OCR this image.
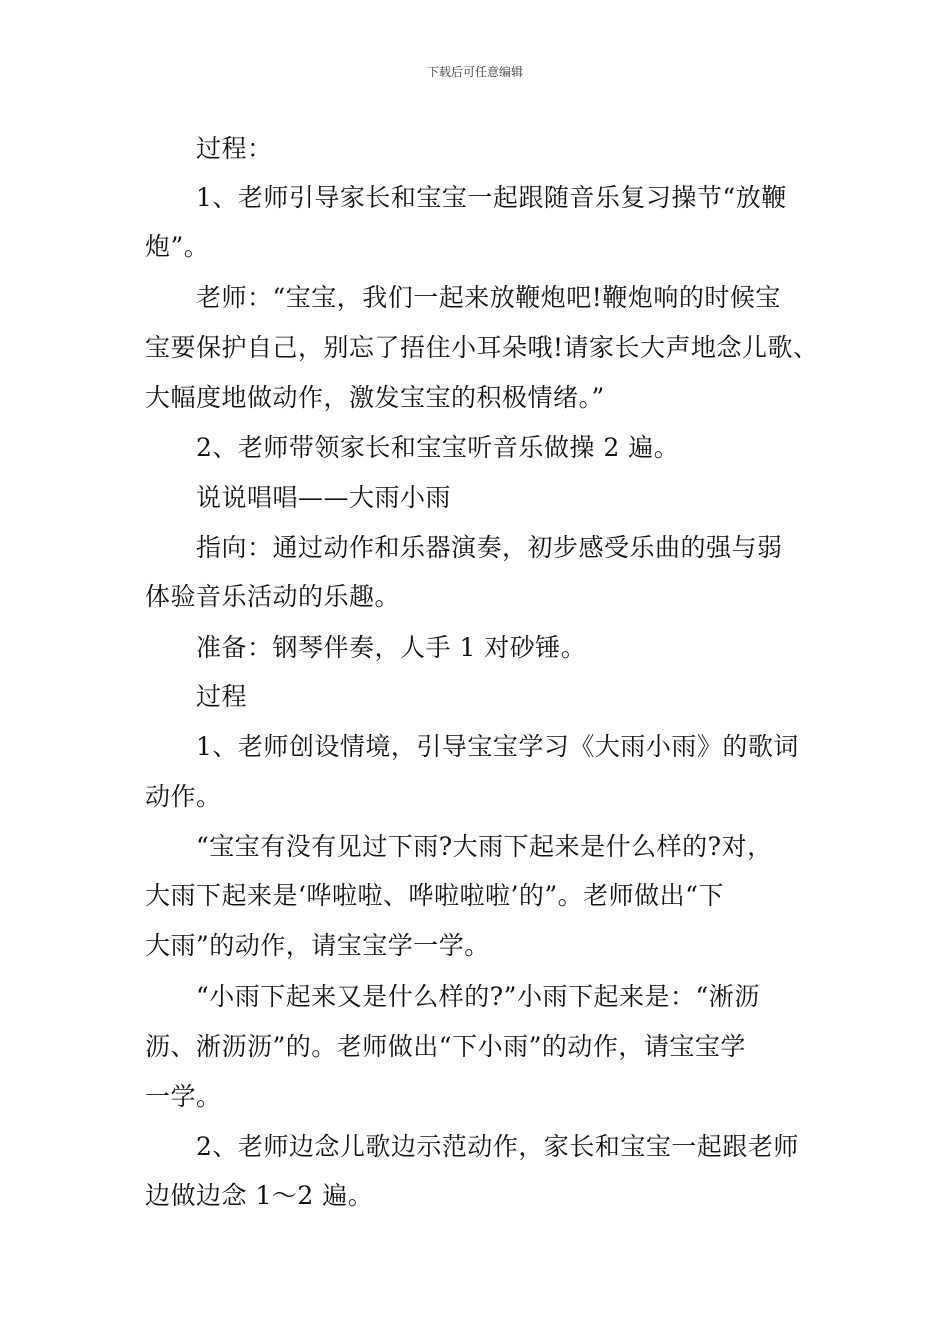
下载后可任意编辑
过程：
1、老师引导家长和宝宝一起跟随音乐复习操节“放鞭
炮”。
老师：“宝宝，我们一起来放鞭炮吧!鞭炮响的时候宝
宝要保护自己，别忘了捂住小耳朵哦!请家长大声地念儿歌、
大幅度地做动作，激发宝宝的积极情绪。”
2、老师带领家长和宝宝听音乐做操 2 遍。
说说唱唱——大雨小雨
指向：通过动作和乐器演奏，初步感受乐曲的强与弱
体验音乐活动的乐趣。
准备：钢琴伴奏，人手 1 对砂锤。
过程
1、老师创设情境，引导宝宝学习《大雨小雨》的歌词
动作。
“宝宝有没有见过下雨?大雨下起来是什么样的?对，
大雨下起来是‘哗啦啦、哗啦啦啦’的”。老师做出“下
大雨”的动作，请宝宝学一学。
“小雨下起来又是什么样的?”小雨下起来是：“淅沥
沥、淅沥沥”的。老师做出“下小雨”的动作，请宝宝学
一学。
2、老师边念儿歌边示范动作，家长和宝宝一起跟老师
边做边念 1～2 遍。
